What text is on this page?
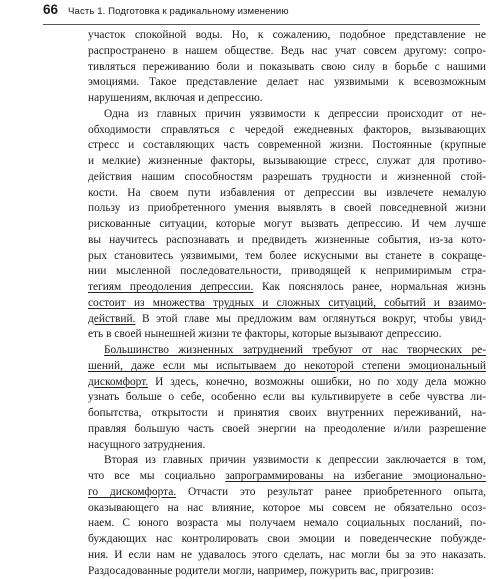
66 Часть 1. Подготовка к радикальному изменению
участок спокойной воды. Но, к сожалению, подобное представление не
распространено в нашем обществе. Ведь нас учат совсем другому: сопро-
тивляться переживанию боли и показывать свою силу в борьбе с нашими
эмоциями. Такое представление делает нас уязвимыми к всевозможным
нарушениям, включая и депрессию.
Одна из главных причин уязвимости к депрессии происходит от не-
обходимости справляться с чередой ежедневных факторов, вызывающих
стресс и составляющих часть современной жизни. Постоянные (крупные
и мелкие) жизненные факторы, вызывающие стресс, служат для противо-
действия нашим способностям разрешать трудности и жизненной стой-
кости. На своем пути избавления от депрессии вы извлечете немалую
пользу из приобретенного умения выявлять в своей повседневной жизни
рискованные ситуации, которые могут вызвать депрессию. И чем лучше
вы научитесь распознавать и предвидеть жизненные события, из-за кото-
рых становитесь уязвимыми, тем более искусными вы станете в сокраще-
нии мысленной последовательности, приводящей к непримиримым стра-
тегиям преодоления депрессии. Как пояснялось ранее, нормальная жизнь
состоит из множества трудных и сложных ситуаций, событий и взаимо-
действий. В этой главе мы предложим вам оглянуться вокруг, чтобы увид-
еть в своей нынешней жизни те факторы, которые вызывают депрессию.
Большинство жизненных затруднений требуют от нас творческих ре-
шений, даже если мы испытываем до некоторой степени эмоциональный
дискомфорт. И здесь, конечно, возможны ошибки, но по ходу дела можно
узнать больше о себе, особенно если вы культивируете в себе чувства ли-
бопытства, открытости и принятия своих внутренних переживаний, на-
правляя большую часть своей энергии на преодоление и/или разрешение
насущного затруднения.
Вторая из главных причин уязвимости к депрессии заключается в том,
что все мы социально запрограммированы на избегание эмоционально-
го дискомфорта. Отчасти это результат ранее приобретенного опыта,
оказывающего на нас влияние, которое мы совсем не обязательно осоз-
наем. С юного возраста мы получаем немало социальных посланий, по-
буждающих нас контролировать свои эмоции и поведенческие побужде-
ния. И если нам не удавалось этого сделать, нас могли бы за это наказать.
Раздосадованные родители могли, например, пожурить вас, пригрозив:
